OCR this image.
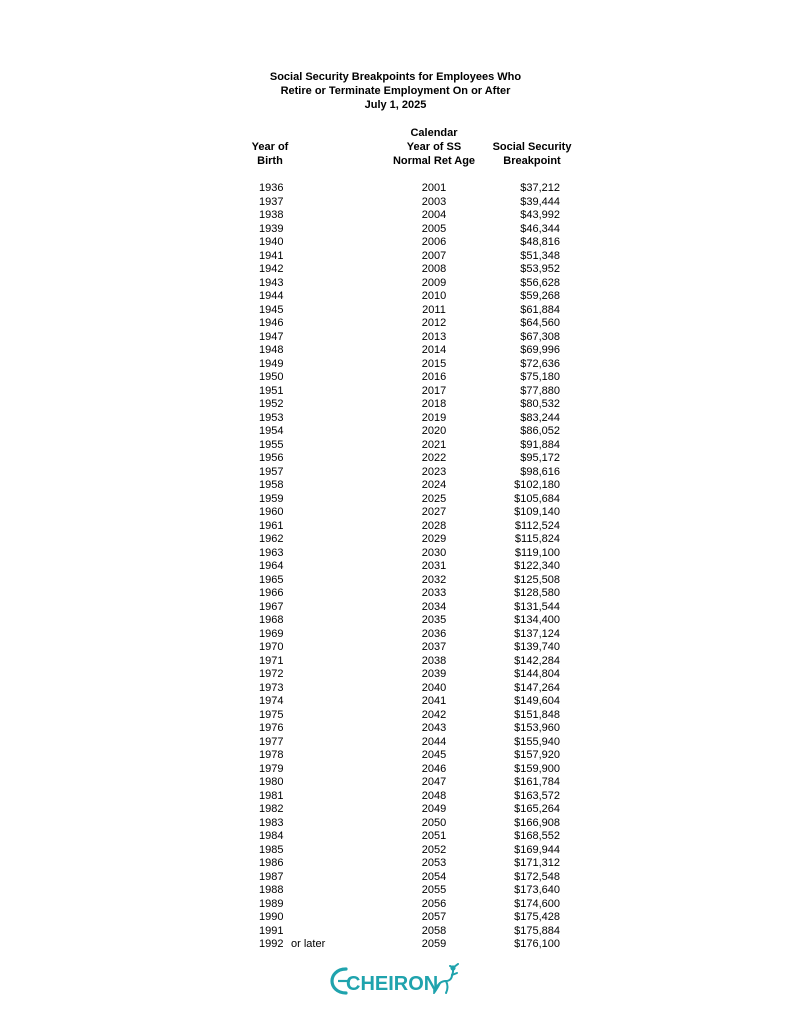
Social Security Breakpoints for Employees Who
Retire or Terminate Employment On or After
July 1, 2025
Year of
Birth
Calendar
Year of SS
Normal Ret Age
Social Security
Breakpoint
1936	2001	$37,212
1937	2003	$39,444
1938	2004	$43,992
1939	2005	$46,344
1940	2006	$48,816
1941	2007	$51,348
1942	2008	$53,952
1943	2009	$56,628
1944	2010	$59,268
1945	2011	$61,884
1946	2012	$64,560
1947	2013	$67,308
1948	2014	$69,996
1949	2015	$72,636
1950	2016	$75,180
1951	2017	$77,880
1952	2018	$80,532
1953	2019	$83,244
1954	2020	$86,052
1955	2021	$91,884
1956	2022	$95,172
1957	2023	$98,616
1958	2024	$102,180
1959	2025	$105,684
1960	2027	$109,140
1961	2028	$112,524
1962	2029	$115,824
1963	2030	$119,100
1964	2031	$122,340
1965	2032	$125,508
1966	2033	$128,580
1967	2034	$131,544
1968	2035	$134,400
1969	2036	$137,124
1970	2037	$139,740
1971	2038	$142,284
1972	2039	$144,804
1973	2040	$147,264
1974	2041	$149,604
1975	2042	$151,848
1976	2043	$153,960
1977	2044	$155,940
1978	2045	$157,920
1979	2046	$159,900
1980	2047	$161,784
1981	2048	$163,572
1982	2049	$165,264
1983	2050	$166,908
1984	2051	$168,552
1985	2052	$169,944
1986	2053	$171,312
1987	2054	$172,548
1988	2055	$173,640
1989	2056	$174,600
1990	2057	$175,428
1991	2058	$175,884
1992 or later	2059	$176,100
CHEIRON
